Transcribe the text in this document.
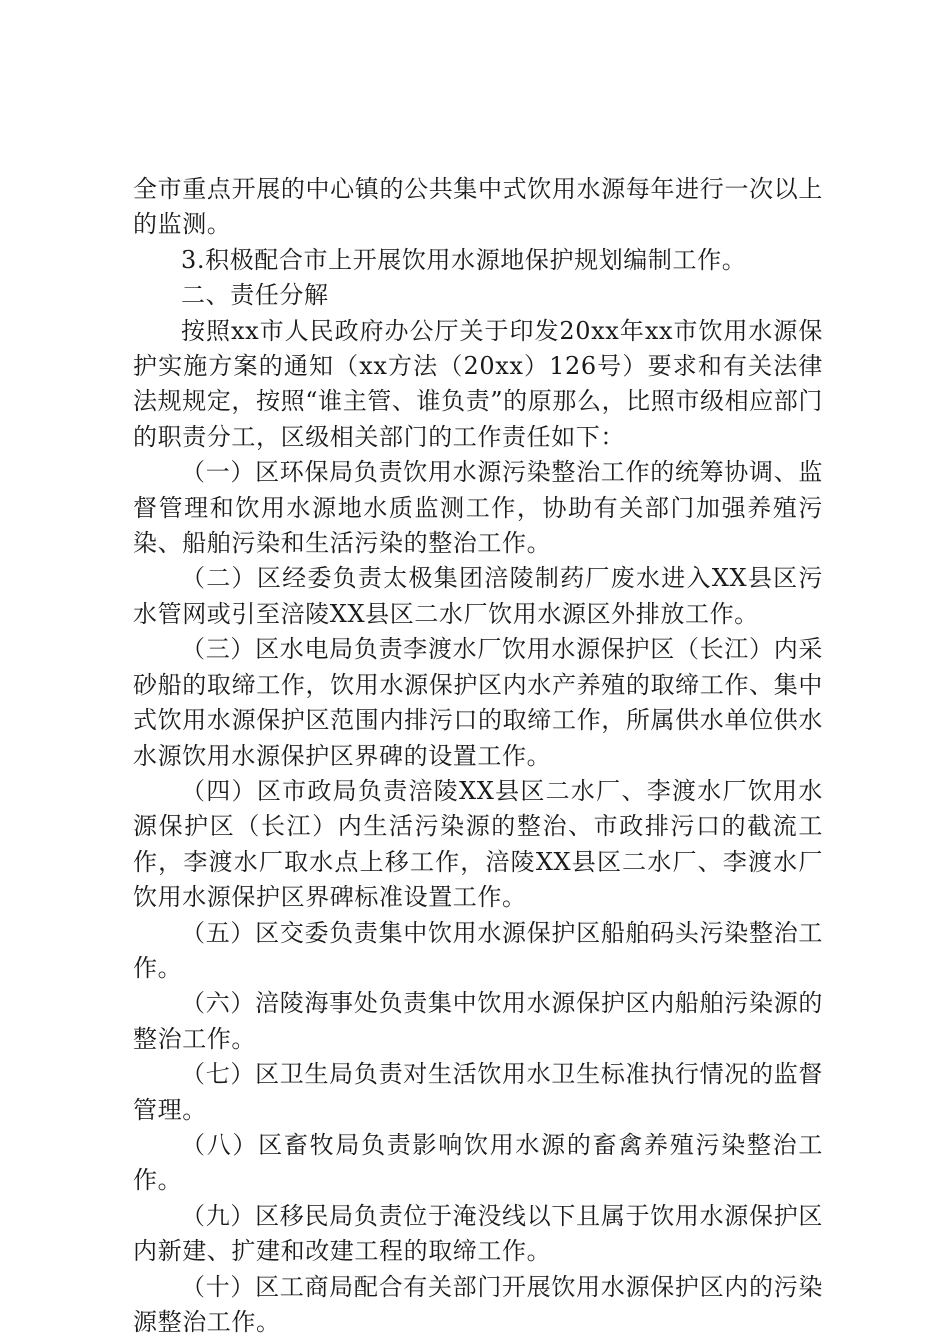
全市重点开展的中心镇的公共集中式饮用水源每年进行一次以上的监测。

3.积极配合市上开展饮用水源地保护规划编制工作。

二、责任分解

按照xx市人民政府办公厅关于印发20xx年xx市饮用水源保护实施方案的通知（xx方法（20xx）126号）要求和有关法律法规规定，按照“谁主管、谁负责”的原那么，比照市级相应部门的职责分工，区级相关部门的工作责任如下：

（一）区环保局负责饮用水源污染整治工作的统筹协调、监督管理和饮用水源地水质监测工作，协助有关部门加强养殖污染、船舶污染和生活污染的整治工作。

（二）区经委负责太极集团涪陵制药厂废水进入XX县区污水管网或引至涪陵XX县区二水厂饮用水源区外排放工作。

（三）区水电局负责李渡水厂饮用水源保护区（长江）内采砂船的取缔工作，饮用水源保护区内水产养殖的取缔工作、集中式饮用水源保护区范围内排污口的取缔工作，所属供水单位供水水源饮用水源保护区界碑的设置工作。

（四）区市政局负责涪陵XX县区二水厂、李渡水厂饮用水源保护区（长江）内生活污染源的整治、市政排污口的截流工作，李渡水厂取水点上移工作，涪陵XX县区二水厂、李渡水厂饮用水源保护区界碑标准设置工作。

（五）区交委负责集中饮用水源保护区船舶码头污染整治工作。

（六）涪陵海事处负责集中饮用水源保护区内船舶污染源的整治工作。

（七）区卫生局负责对生活饮用水卫生标准执行情况的监督管理。

（八）区畜牧局负责影响饮用水源的畜禽养殖污染整治工作。

（九）区移民局负责位于淹没线以下且属于饮用水源保护区内新建、扩建和改建工程的取缔工作。

（十）区工商局配合有关部门开展饮用水源保护区内的污染源整治工作。
